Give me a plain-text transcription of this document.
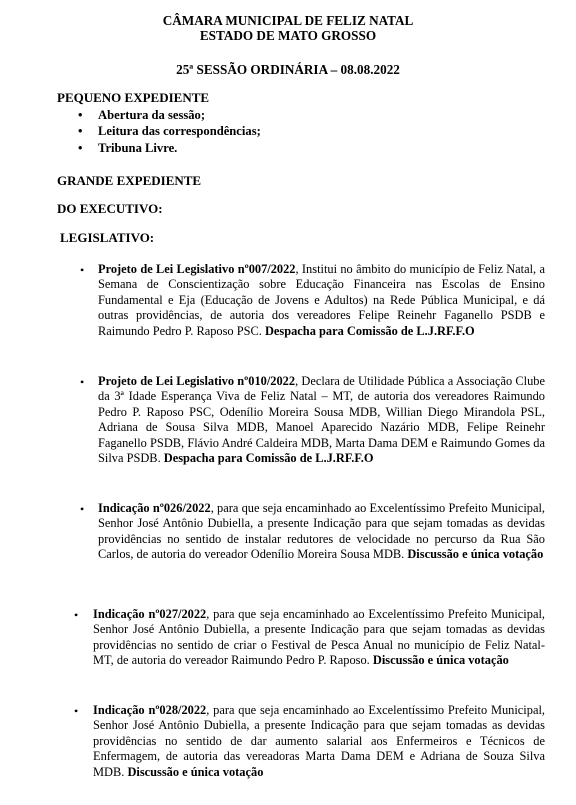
CÂMARA MUNICIPAL DE FELIZ NATAL
ESTADO DE MATO GROSSO
25ª SESSÃO ORDINÁRIA – 08.08.2022
PEQUENO EXPEDIENTE
• Abertura da sessão;
• Leitura das correspondências;
• Tribuna Livre.
GRANDE EXPEDIENTE
DO EXECUTIVO:
LEGISLATIVO:
• Projeto de Lei Legislativo nº007/2022, Institui no âmbito do município de Feliz Natal, a Semana de Conscientização sobre Educação Financeira nas Escolas de Ensino Fundamental e Eja (Educação de Jovens e Adultos) na Rede Pública Municipal, e dá outras providências, de autoria dos vereadores Felipe Reinehr Faganello PSDB e Raimundo Pedro P. Raposo PSC. Despacha para Comissão de L.J.RF.F.O
• Projeto de Lei Legislativo nº010/2022, Declara de Utilidade Pública a Associação Clube da 3ª Idade Esperança Viva de Feliz Natal – MT, de autoria dos vereadores Raimundo Pedro P. Raposo PSC, Odenílio Moreira Sousa MDB, Willian Diego Mirandola PSL, Adriana de Sousa Silva MDB, Manoel Aparecido Nazário MDB, Felipe Reinehr Faganello PSDB, Flávio André Caldeira MDB, Marta Dama DEM e Raimundo Gomes da Silva PSDB. Despacha para Comissão de L.J.RF.F.O
• Indicação nº026/2022, para que seja encaminhado ao Excelentíssimo Prefeito Municipal, Senhor José Antônio Dubiella, a presente Indicação para que sejam tomadas as devidas providências no sentido de instalar redutores de velocidade no percurso da Rua São Carlos, de autoria do vereador Odenílio Moreira Sousa MDB. Discussão e única votação
• Indicação nº027/2022, para que seja encaminhado ao Excelentíssimo Prefeito Municipal, Senhor José Antônio Dubiella, a presente Indicação para que sejam tomadas as devidas providências no sentido de criar o Festival de Pesca Anual no município de Feliz Natal-MT, de autoria do vereador Raimundo Pedro P. Raposo. Discussão e única votação
• Indicação nº028/2022, para que seja encaminhado ao Excelentíssimo Prefeito Municipal, Senhor José Antônio Dubiella, a presente Indicação para que sejam tomadas as devidas providências no sentido de dar aumento salarial aos Enfermeiros e Técnicos de Enfermagem, de autoria das vereadoras Marta Dama DEM e Adriana de Souza Silva MDB. Discussão e única votação
